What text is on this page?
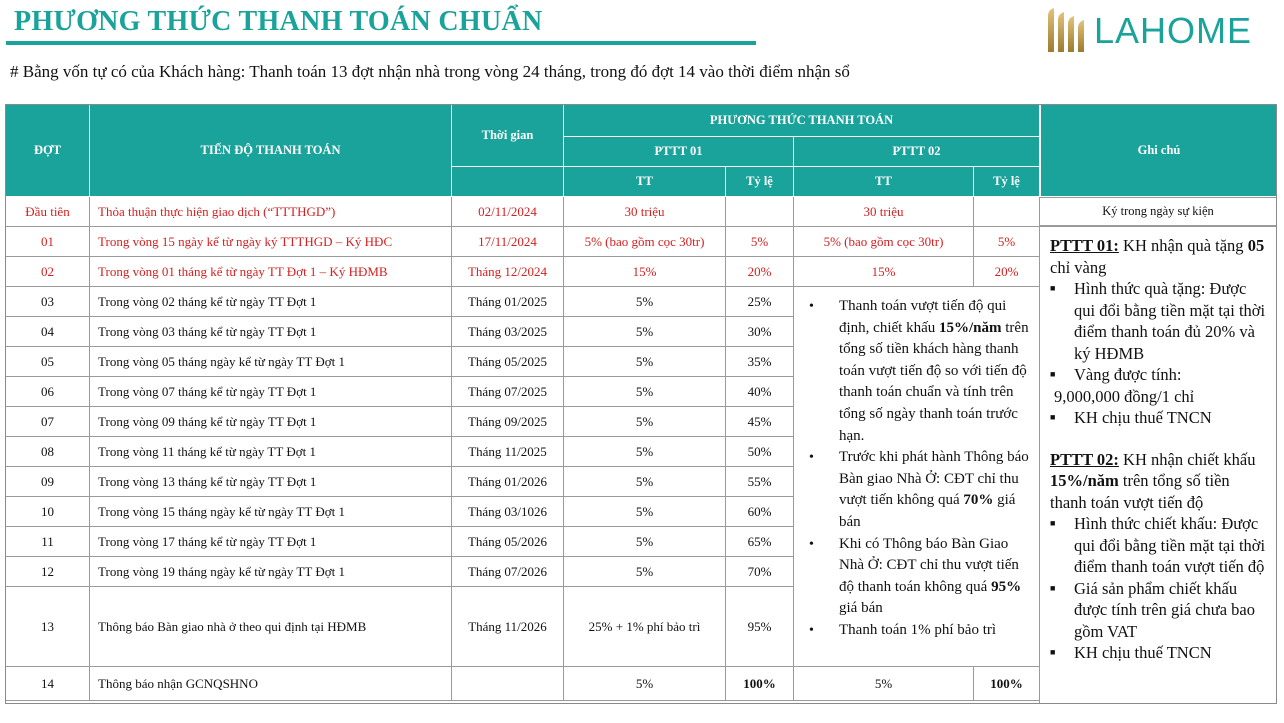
PHƯƠNG THỨC THANH TOÁN CHUẨN	LAHOME
# Bằng vốn tự có của Khách hàng: Thanh toán 13 đợt nhận nhà trong vòng 24 tháng, trong đó đợt 14 vào thời điểm nhận sổ
ĐỢT	TIẾN ĐỘ THANH TOÁN	Thời gian	PHƯƠNG THỨC THANH TOÁN			
			PTTT 01		PTTT 02	
			TT	Tỷ lệ	TT	Tỷ lệ
Đầu tiên	Thỏa thuận thực hiện giao dịch (“TTTHGD”)	02/11/2024	30 triệu		30 triệu	
01	Trong vòng 15 ngày kể từ ngày ký TTTHGD – Ký HĐC	17/11/2024	5% (bao gồm cọc 30tr)	5%	5% (bao gồm cọc 30tr)	5%
02	Trong vòng 01 tháng kể từ ngày TT Đợt 1 – Ký HĐMB	Tháng 12/2024	15%	20%	15%	20%
03	Trong vòng 02 tháng kể từ ngày TT Đợt 1	Tháng 01/2025	5%	25%		
04	Trong vòng 03 tháng kể từ ngày TT Đợt 1	Tháng 03/2025	5%	30%		
05	Trong vòng 05 tháng ngày kể từ ngày TT Đợt 1	Tháng 05/2025	5%	35%		
06	Trong vòng 07 tháng kể từ ngày TT Đợt 1	Tháng 07/2025	5%	40%		
07	Trong vòng 09 tháng kể từ ngày TT Đợt 1	Tháng 09/2025	5%	45%		
08	Trong vòng 11 tháng kể từ ngày TT Đợt 1	Tháng 11/2025	5%	50%		
09	Trong vòng 13 tháng kể từ ngày TT Đợt 1	Tháng 01/2026	5%	55%		
10	Trong vòng 15 tháng ngày kể từ ngày TT Đợt 1	Tháng 03/1026	5%	60%		
11	Trong vòng 17 tháng kể từ ngày TT Đợt 1	Tháng 05/2026	5%	65%		
12	Trong vòng 19 tháng ngày kể từ ngày TT Đợt 1	Tháng 07/2026	5%	70%		
13	Thông báo Bàn giao nhà ở theo qui định tại HĐMB	Tháng 11/2026	25% + 1% phí bảo trì	95%		
14	Thông báo nhận GCNQSHNO		5%	100%	5%	100%
• Thanh toán vượt tiến độ qui định, chiết khấu 15%/năm trên tổng số tiền khách hàng thanh toán vượt tiến độ so với tiến độ thanh toán chuẩn và tính trên tổng số ngày thanh toán trước hạn.
• Trước khi phát hành Thông báo Bàn giao Nhà Ở: CĐT chỉ thu vượt tiến không quá 70% giá bán
• Khi có Thông báo Bàn Giao Nhà Ở: CĐT chỉ thu vượt tiến độ thanh toán không quá 95% giá bán
• Thanh toán 1% phí bảo trì
Ghi chú
Ký trong ngày sự kiện
PTTT 01: KH nhận quà tặng 05 chỉ vàng
■ Hình thức quà tặng: Được qui đổi bằng tiền mặt tại thời điểm thanh toán đủ 20% và ký HĐMB
■ Vàng được tính:
9,000,000 đồng/1 chỉ
■ KH chịu thuế TNCN
PTTT 02: KH nhận chiết khấu 15%/năm trên tổng số tiền thanh toán vượt tiến độ
■ Hình thức chiết khấu: Được qui đổi bằng tiền mặt tại thời điểm thanh toán vượt tiến độ
■ Giá sản phẩm chiết khấu được tính trên giá chưa bao gồm VAT
■ KH chịu thuế TNCN
